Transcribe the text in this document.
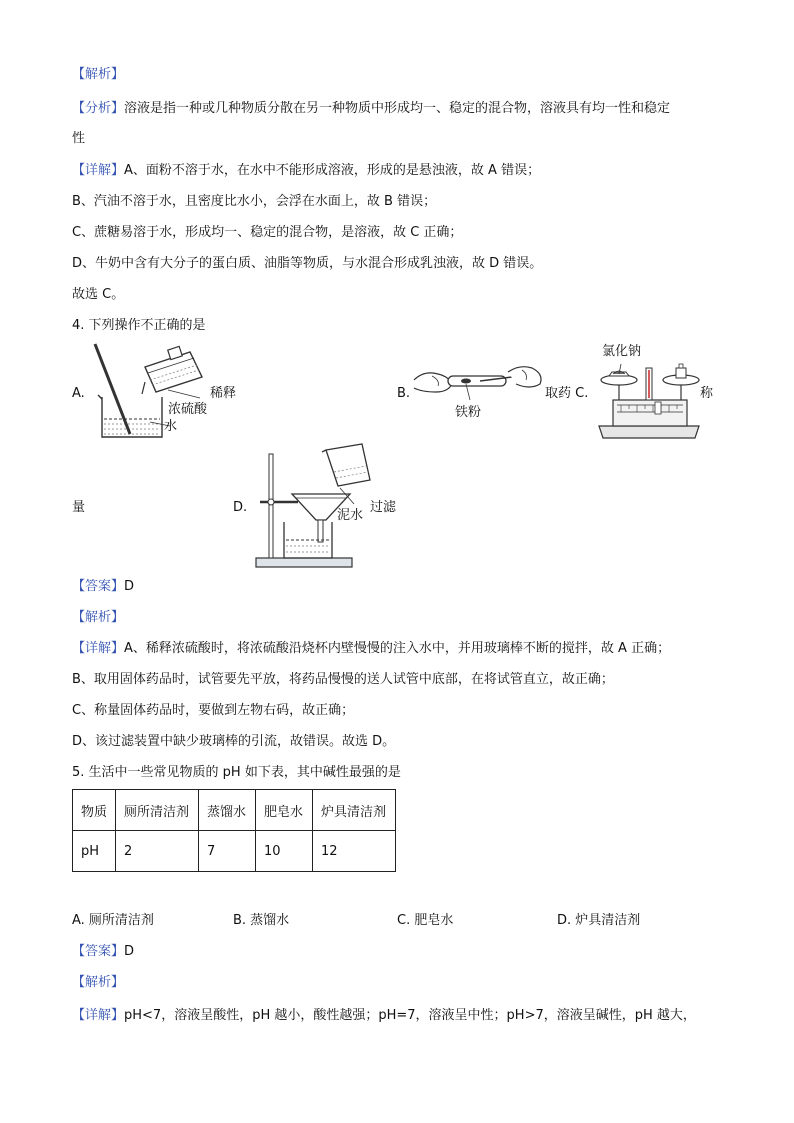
【解析】
【分析】溶液是指一种或几种物质分散在另一种物质中形成均一、稳定的混合物，溶液具有均一性和稳定
性
【详解】A、面粉不溶于水，在水中不能形成溶液，形成的是悬浊液，故 A 错误；
B、汽油不溶于水，且密度比水小，会浮在水面上，故 B 错误；
C、蔗糖易溶于水，形成均一、稳定的混合物，是溶液，故 C 正确；
D、牛奶中含有大分子的蛋白质、油脂等物质，与水混合形成乳浊液，故 D 错误。
故选 C。
4. 下列操作不正确的是
A.	稀释
浓硫酸
水
B.
铁粉
取药 C.
氯化钠
称
量	D.
泥水
过滤
【答案】D
【解析】
【详解】A、稀释浓硫酸时，将浓硫酸沿烧杯内壁慢慢的注入水中，并用玻璃棒不断的搅拌，故 A 正确；
B、取用固体药品时，试管要先平放，将药品慢慢的送人试管中底部，在将试管直立，故正确；
C、称量固体药品时，要做到左物右码，故正确；
D、该过滤装置中缺少玻璃棒的引流，故错误。故选 D。
5. 生活中一些常见物质的 pH 如下表，其中碱性最强的是
物质	厕所清洁剂	蒸馏水	肥皂水	炉具清洁剂
pH	2	7	10	12
A. 厕所清洁剂	B. 蒸馏水	C. 肥皂水	D. 炉具清洁剂
【答案】D
【解析】
【详解】pH<7，溶液呈酸性，pH 越小，酸性越强；pH=7，溶液呈中性；pH>7，溶液呈碱性，pH 越大，
